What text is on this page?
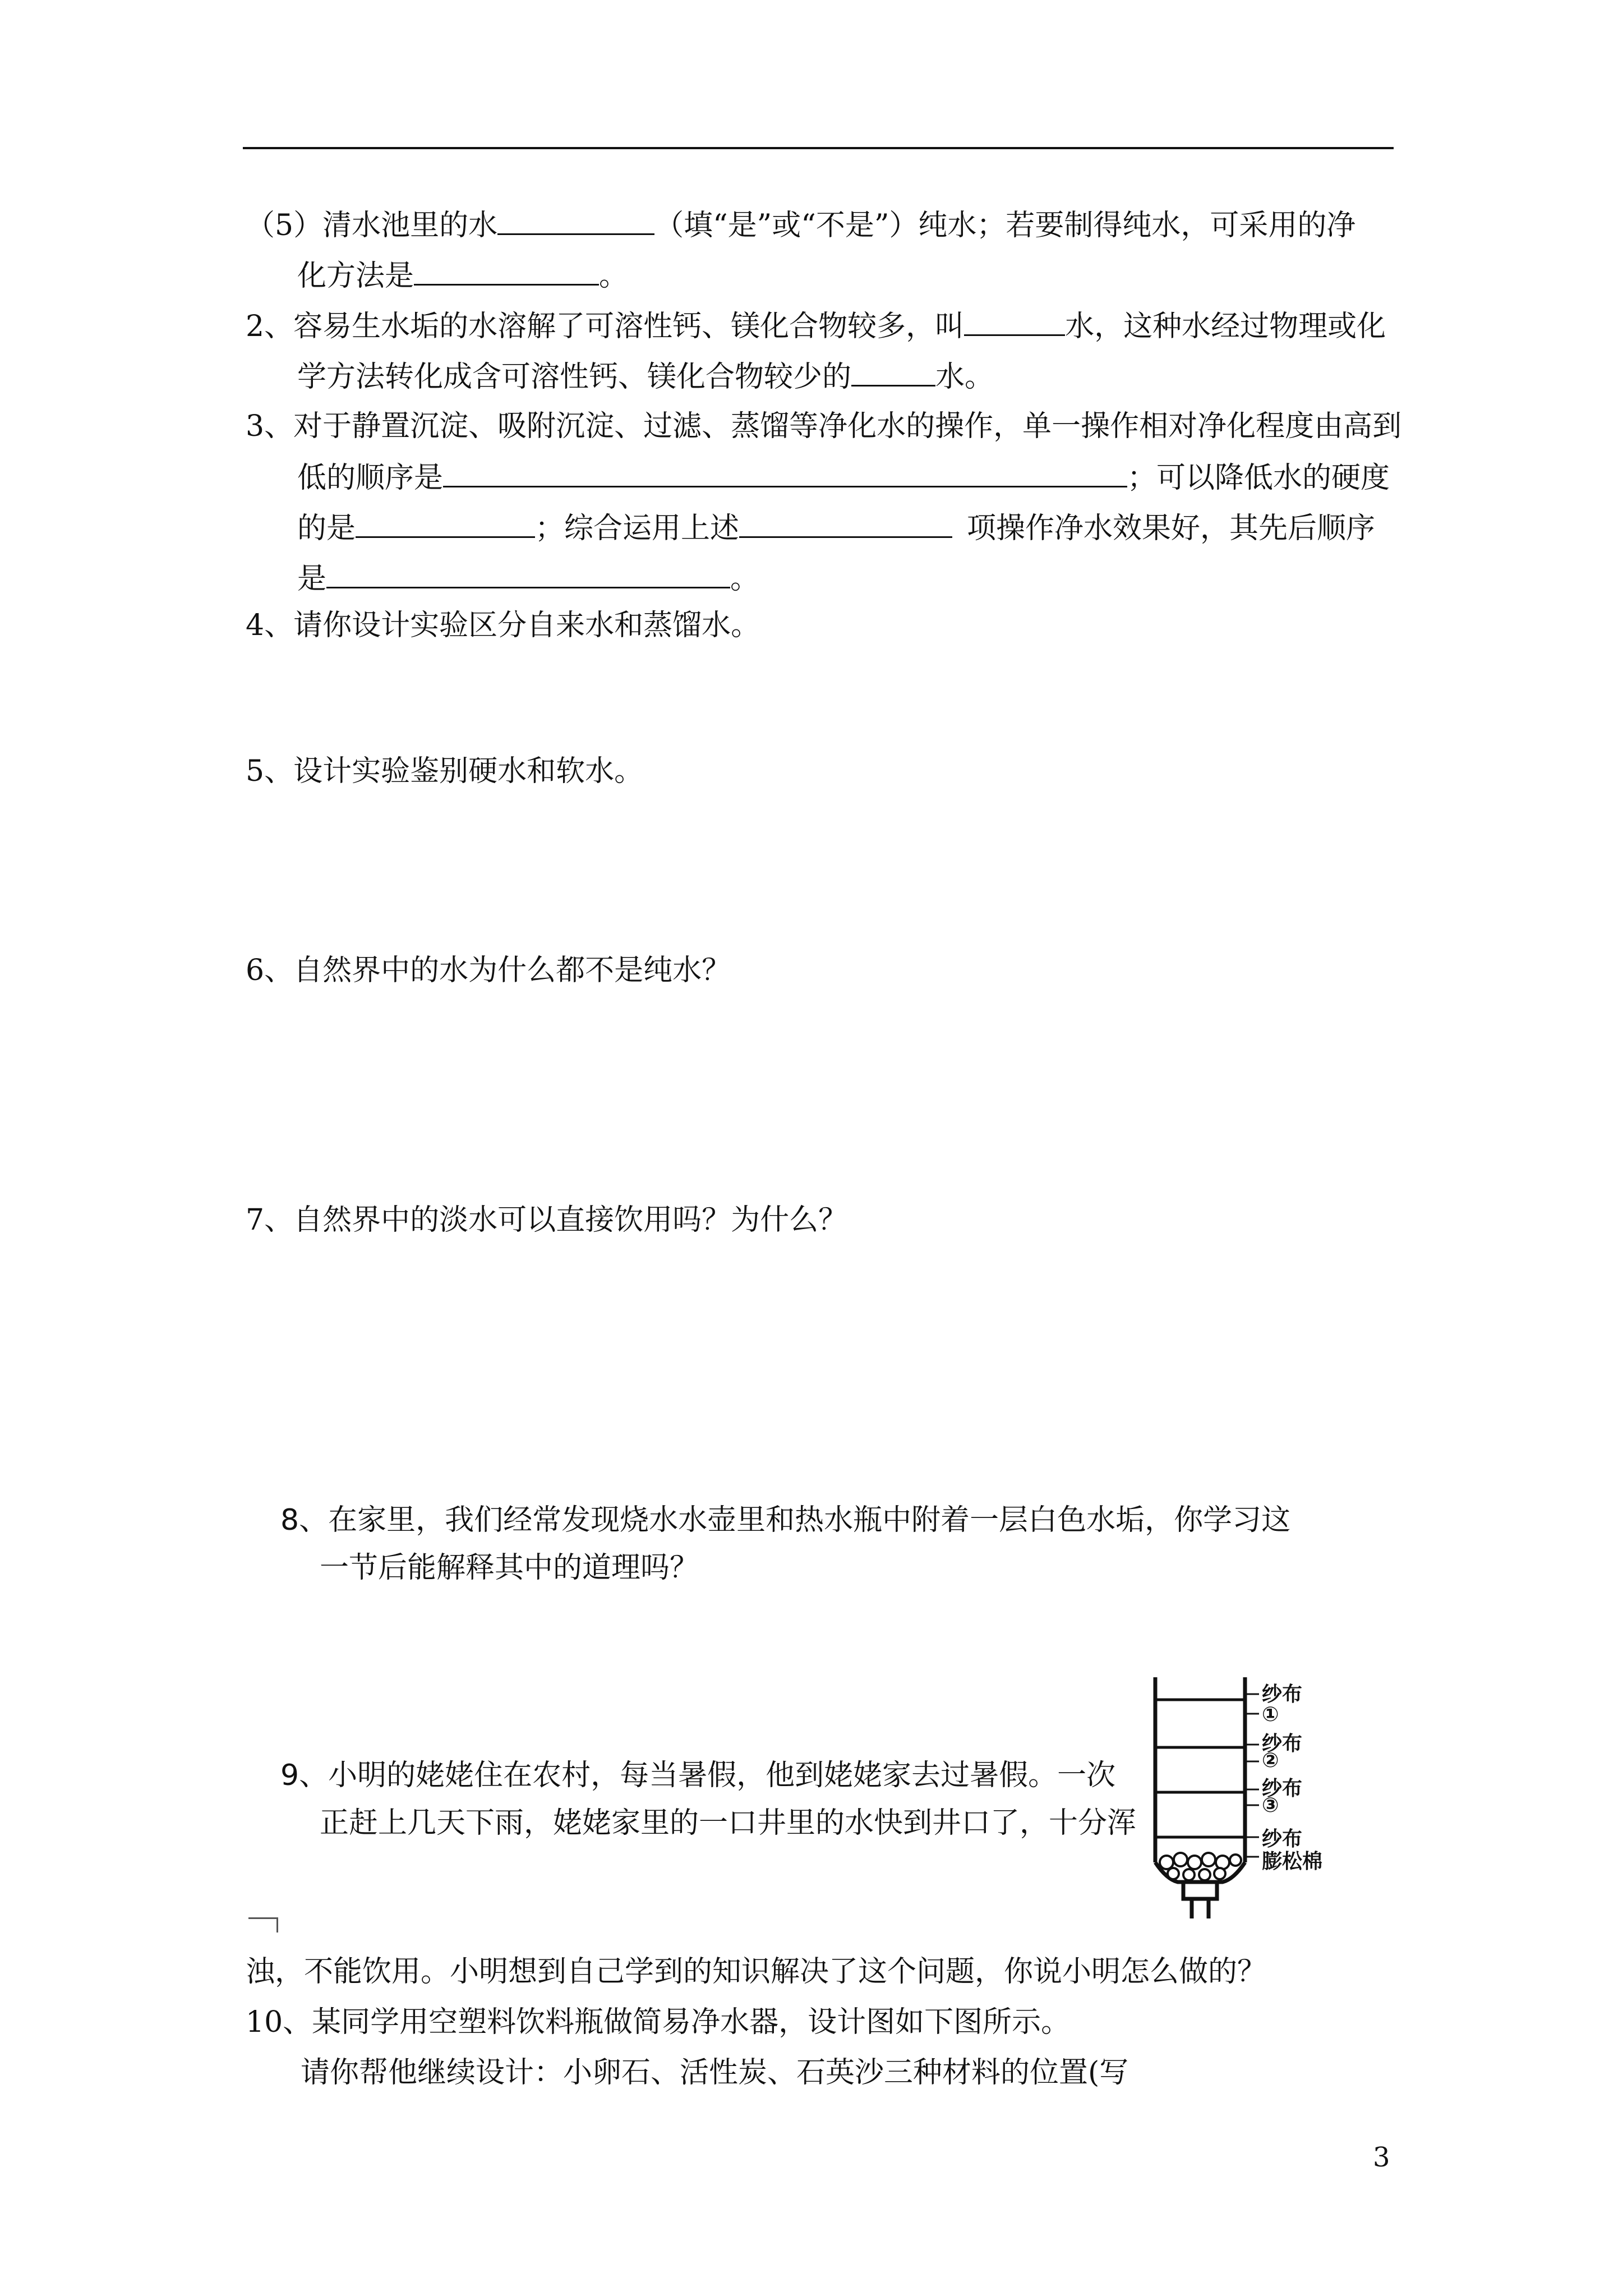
（5）清水池里的水	（填“是”或“不是”）纯水；若要制得纯水，可采用的净
化方法是	。
2、容易生水垢的水溶解了可溶性钙、镁化合物较多，叫	水，这种水经过物理或化
学方法转化成含可溶性钙、镁化合物较少的	水。
3、对于静置沉淀、吸附沉淀、过滤、蒸馏等净化水的操作，单一操作相对净化程度由高到
低的顺序是	；可以降低水的硬度
的是	；综合运用上述	项操作净水效果好，其先后顺序
是	。
4、请你设计实验区分自来水和蒸馏水。
5、设计实验鉴别硬水和软水。
6、自然界中的水为什么都不是纯水？
7、自然界中的淡水可以直接饮用吗？为什么？
8、在家里，我们经常发现烧水水壶里和热水瓶中附着一层白色水垢，你学习这
一节后能解释其中的道理吗？
9、小明的姥姥住在农村，每当暑假，他到姥姥家去过暑假。一次
正赶上几天下雨，姥姥家里的一口井里的水快到井口了，十分浑
纱布
①
纱布
②
纱布
③
纱布
膨松棉
浊，不能饮用。小明想到自己学到的知识解决了这个问题，你说小明怎么做的？
10、某同学用空塑料饮料瓶做简易净水器，设计图如下图所示。
请你帮他继续设计：小卵石、活性炭、石英沙三种材料的位置(写
3
